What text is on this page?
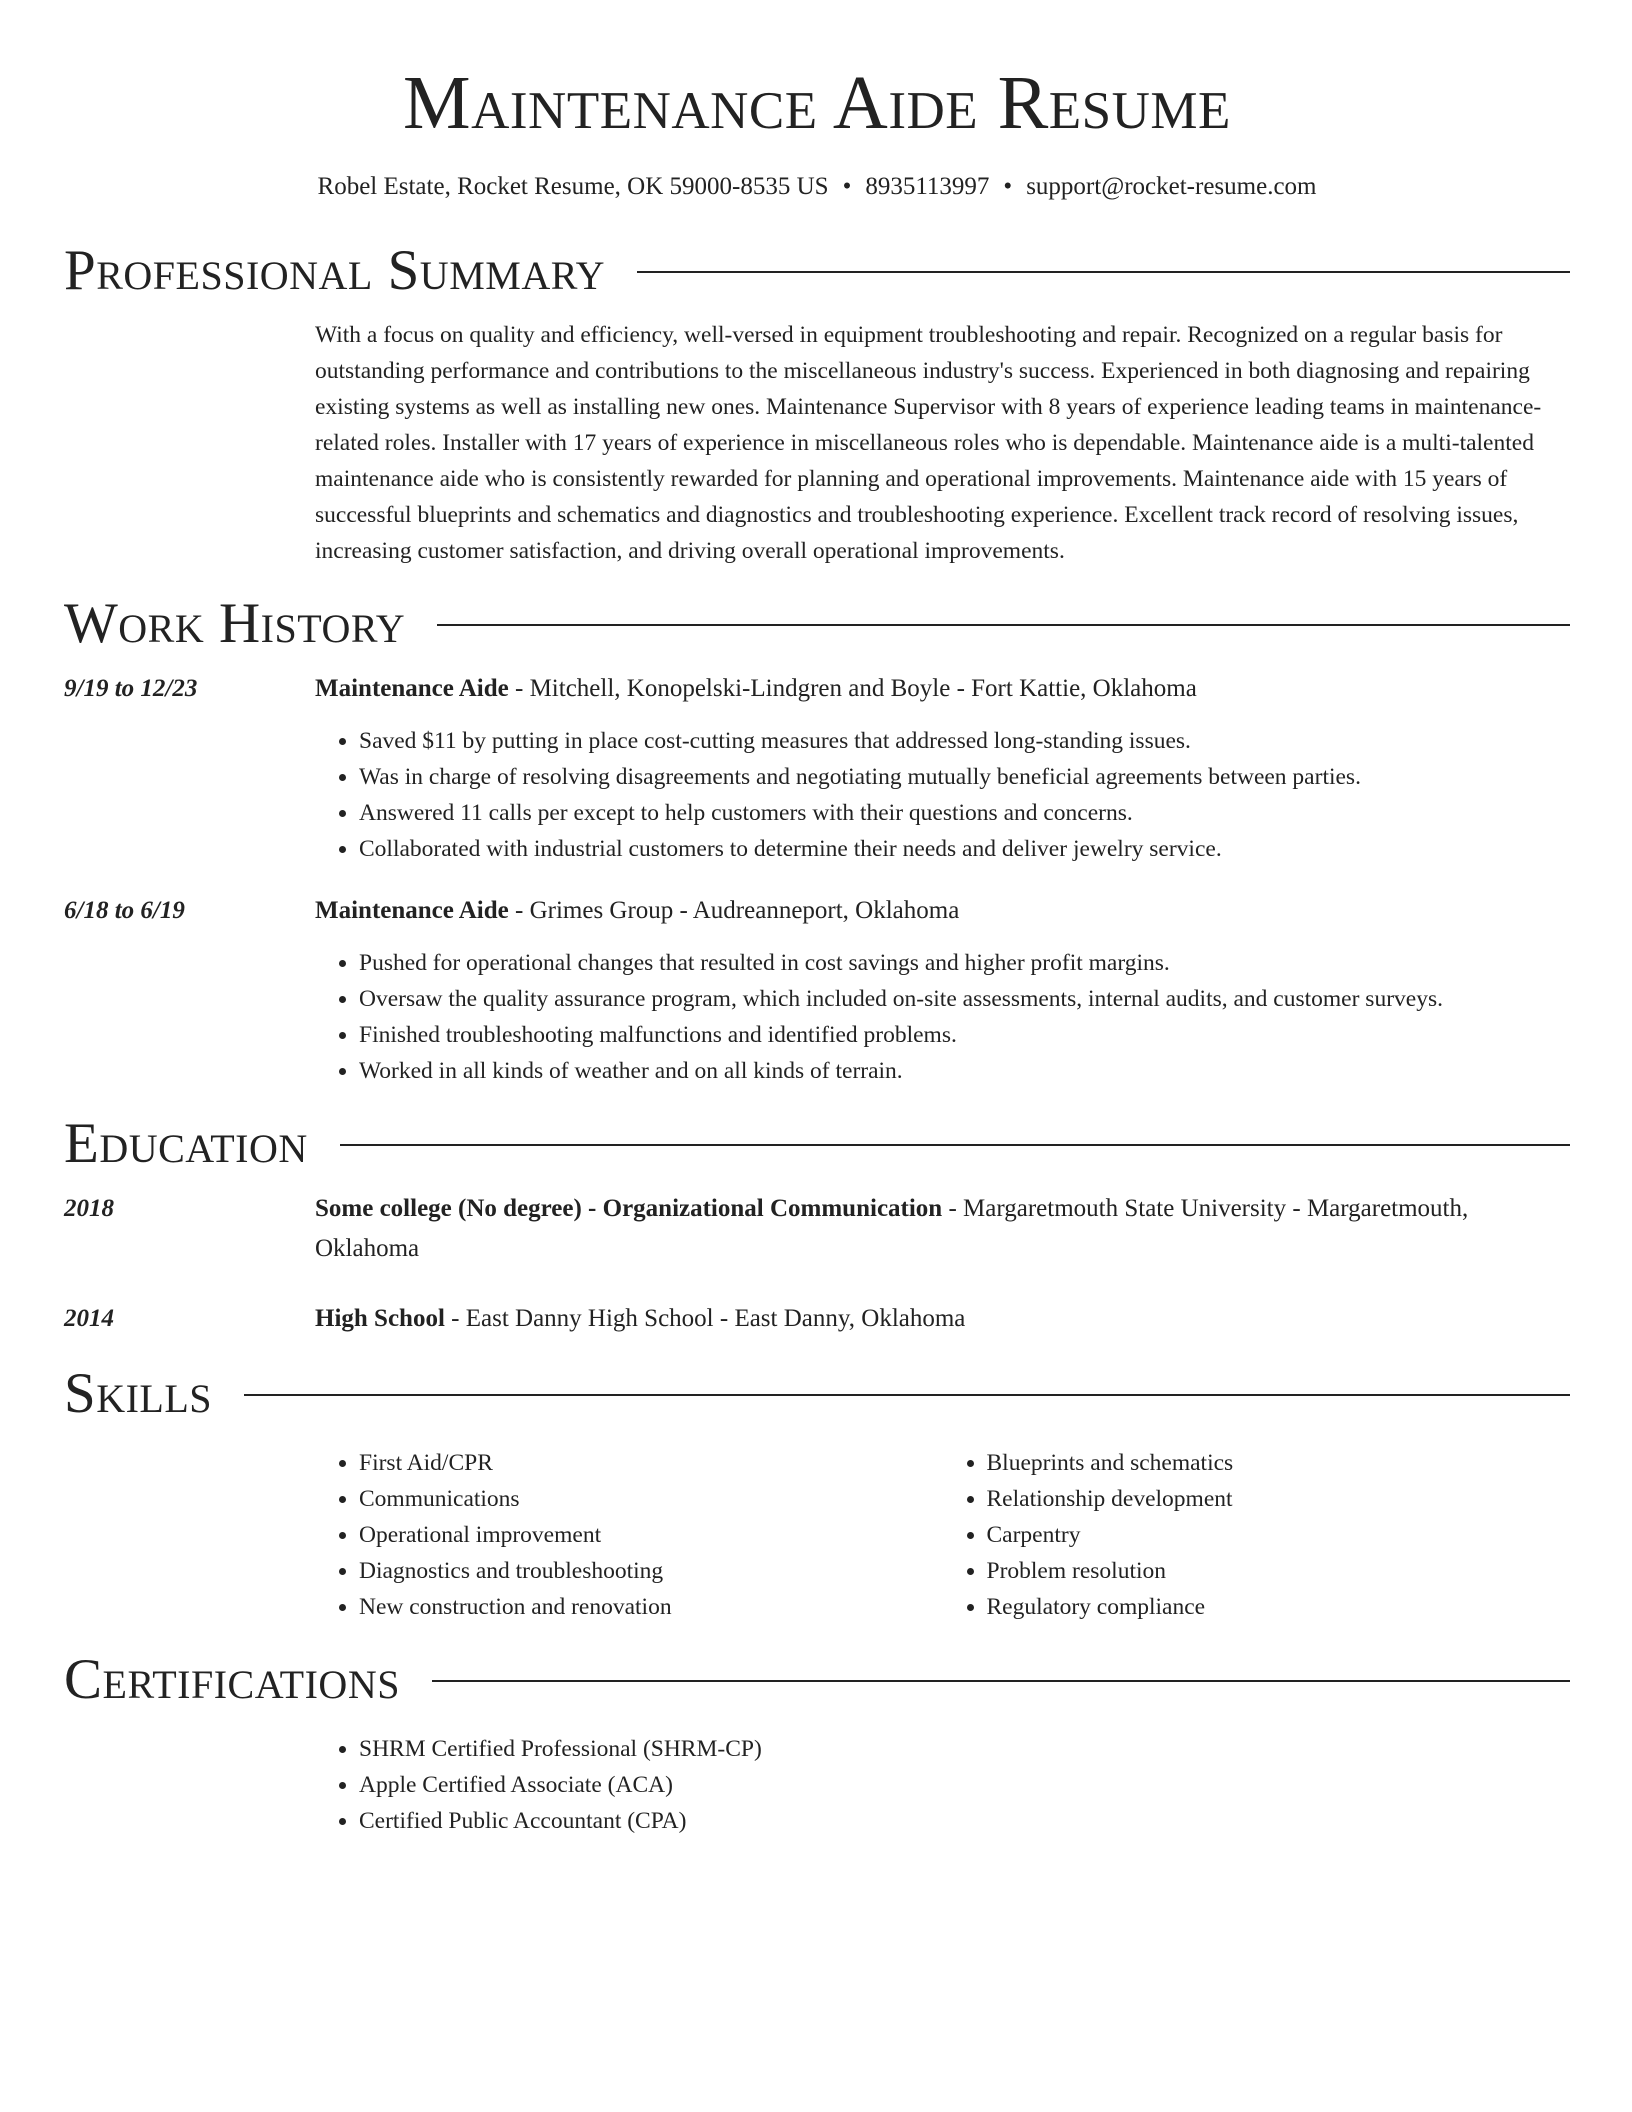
Maintenance Aide Resume
Robel Estate, Rocket Resume, OK 59000-8535 US • 8935113997 • support@rocket-resume.com
Professional Summary

With a focus on quality and efficiency, well-versed in equipment troubleshooting and repair. Recognized on a regular basis for outstanding performance and contributions to the miscellaneous industry's success. Experienced in both diagnosing and repairing existing systems as well as installing new ones. Maintenance Supervisor with 8 years of experience leading teams in maintenance-related roles. Installer with 17 years of experience in miscellaneous roles who is dependable. Maintenance aide is a multi-talented maintenance aide who is consistently rewarded for planning and operational improvements. Maintenance aide with 15 years of successful blueprints and schematics and diagnostics and troubleshooting experience. Excellent track record of resolving issues, increasing customer satisfaction, and driving overall operational improvements.

Work History
9/19 to 12/23	Maintenance Aide - Mitchell, Konopelski-Lindgren and Boyle - Fort Kattie, Oklahoma
• Saved $11 by putting in place cost-cutting measures that addressed long-standing issues.
• Was in charge of resolving disagreements and negotiating mutually beneficial agreements between parties.
• Answered 11 calls per except to help customers with their questions and concerns.
• Collaborated with industrial customers to determine their needs and deliver jewelry service.
6/18 to 6/19	Maintenance Aide - Grimes Group - Audreanneport, Oklahoma
• Pushed for operational changes that resulted in cost savings and higher profit margins.
• Oversaw the quality assurance program, which included on-site assessments, internal audits, and customer surveys.
• Finished troubleshooting malfunctions and identified problems.
• Worked in all kinds of weather and on all kinds of terrain.
Education
2018	Some college (No degree) - Organizational Communication - Margaretmouth State University - Margaretmouth, Oklahoma
2014	High School - East Danny High School - East Danny, Oklahoma
Skills
• First Aid/CPR
• Communications
• Operational improvement
• Diagnostics and troubleshooting
• New construction and renovation
• Blueprints and schematics
• Relationship development
• Carpentry
• Problem resolution
• Regulatory compliance
Certifications
• SHRM Certified Professional (SHRM-CP)
• Apple Certified Associate (ACA)
• Certified Public Accountant (CPA)
